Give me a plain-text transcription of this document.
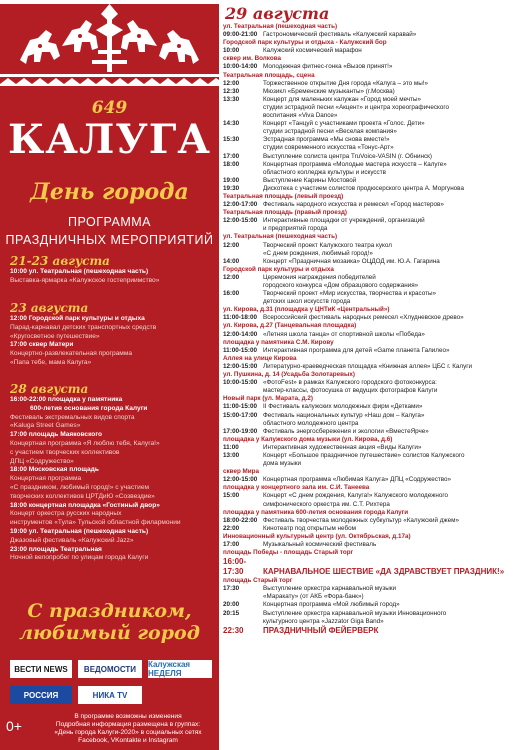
649
КАЛУГА
День города
ПРОГРАММА
ПРАЗДНИЧНЫХ МЕРОПРИЯТИЙ
21-23 августа
10:00 ул. Театральная (пешеходная часть)
Выставка-ярмарка «Калужское гостеприимство»
23 августа
12:00 Городской парк культуры и отдыха
Парад-карнавал детских транспортных средств
«Кругосветное путешествие»
17:00 сквер Матери
Концертно-развлекательная программа
«Папа тебе, мама Калуга»
28 августа
16:00-22:00 площадка у памятника
600-летия основания города Калуги
Фестиваль экстремальных видов спорта
«Kaluga Street Games»
17:00 площадь Маяковского
Концертная программа «Я люблю тебя, Калуга!»
с участием творческих коллективов
ДПЦ «Содружество»
18:00 Московская площадь
Концертная программа
«С праздником, любимый город!» с участием
творческих коллективов ЦРТДиЮ «Созвездие»
18:00 концертная площадка «Гостиный двор»
Концерт оркестра русских народных
инструментов «Тула» Тульской областной филармонии
19:00 ул. Театральная (пешеходная часть)
Джазовый фестиваль «Калужский Jazz»
23:00 площадь Театральная
Ночной велопробег по улицам города Калуги
С праздником,
любимый город
ВЕСТИ NEWS	ВЕДОМОСТИ	Калужская НЕДЕЛЯ
РОССИЯ	НИКА TV
0+
В программе возможны изменения
Подробная информация размещена в группах:
«День города Калуги-2020» в социальных сетях
Facebook, VKontakte и Instagram
29 августа
ул. Театральная (пешеходная часть)
09:00-21:00 Гастрономический фестиваль «Калужский каравай»
Городской парк культуры и отдыха - Калужский бор
10:00	Калужский космический марафон
сквер им. Волкова
10:00-14:00 Молодежная фитнес-гонка «Вызов принят!»
Театральная площадь, сцена
12:00	Торжественное открытие Дня города «Калуга – это мы!»
12:30	Мюзикл «Бременские музыканты» (г.Москва)
13:30	Концерт для маленьких калужан «Город моей мечты»
студии эстрадной песни «Акцент» и центра хореографического
воспитания «Viva Dance»
14:30	Концерт «Танцуй с участниками проекта «Голос. Дети»
студии эстрадной песни «Веселая компания»
15:30	Эстрадная программа «Мы снова вместе!»
студии современного искусства «Тонус-Арт»
17:00	Выступление солиста центра TruVoice-VASIN (г. Обнинск)
18:00	Концертная программа «Молодые мастера искусств – Калуге»
областного колледжа культуры и искусств
19:00	Выступление Карины Мостовой
19:30	Дискотека с участием солистов продюсерского центра А. Моргунова
Театральная площадь (левый проезд)
12:00-17:00 Фестиваль народного искусства и ремесел «Город мастеров»
Театральная площадь (правый проезд)
12:00-15:00 Интерактивные площадки от учреждений, организаций
и предприятий города
ул. Театральная (пешеходная часть)
12:00	Творческий проект Калужского театра кукол
«С днем рождения, любимый город!»
14:00	Концерт «Праздничная мозаика» ОЦДОД им. Ю.А. Гагарина
Городской парк культуры и отдыха
12:00	Церемония награждения победителей
городского конкурса «Дом образцового содержания»
16:00	Творческий проект «Мир искусства, творчества и красоты»
детских школ искусств города
ул. Кирова, д.31 (площадка у ЦНТиК «Центральный»)
11:00-18:00 Всероссийский фестиваль народных ремесел «Хлудневское древо»
ул. Кирова, д.27 (Танцевальная площадка)
12:00-14:00 «Летняя школа танца» от спортивной школы «Победа»
площадка у памятника С.М. Кирову
11:00-15:00 Интерактивная программа для детей «Game планета Галилео»
Аллея на улице Кирова
12:00-15:00 Литературно-краеведческая площадка «Книжная аллея» ЦБС г. Калуги
ул. Пушкина, д. 14 (Усадьба Золотаревых)
10:00-15:00 «ФотоFest» в рамках Калужского городского фотоконкурса:
мастер-классы, фотосушка от ведущих фотографов Калуги
Новый парк (ул. Марата, д.2)
11:00-15:00 II Фестиваль калужских молодежных фирм «Детками»
15:00-17:00 Фестиваль национальных культур «Наш дом – Калуга»
областного молодежного центра
17:00-19:00 Фестиваль энергосбережения и экологии «ВместеЯрче»
площадка у Калужского дома музыки (ул. Кирова, д.6)
11:00	Интерактивная художественная акция «Виды Калуги»
13:00	Концерт «Большое праздничное путешествие» солистов Калужского
дома музыки
сквер Мира
12:00-15:00 Концертная программа «Любимая Калуга» ДПЦ «Содружество»
площадка у концертного зала им. С.И. Танеева
15:00	Концерт «С днем рождения, Калуга!» Калужского молодежного
симфонического оркестра им. С.Т. Рихтера
площадка у памятника 600-летия основания города Калуги
18:00-22:00 Фестиваль творчества молодежных субкультур «Калужский джем»
22:00	Кинотеатр под открытым небом
Инновационный культурный центр (ул. Октябрьская, д.17а)
17:00	Музыкальный космический фестиваль
площадь Победы - площадь Старый торг
16:00-17:30 КАРНАВАЛЬНОЕ ШЕСТВИЕ «ДА ЗДРАВСТВУЕТ ПРАЗДНИК!»
площадь Старый торг
17:30	Выступление оркестра карнавальной музыки
«Маракату» (от АКБ «Фора-банк»)
20:00	Концертная программа «Мой любимый город»
20:15	Выступление оркестра карнавальной музыки Инновационного
культурного центра «Jazzator Giga Band»
22:30 ПРАЗДНИЧНЫЙ ФЕЙЕРВЕРК
